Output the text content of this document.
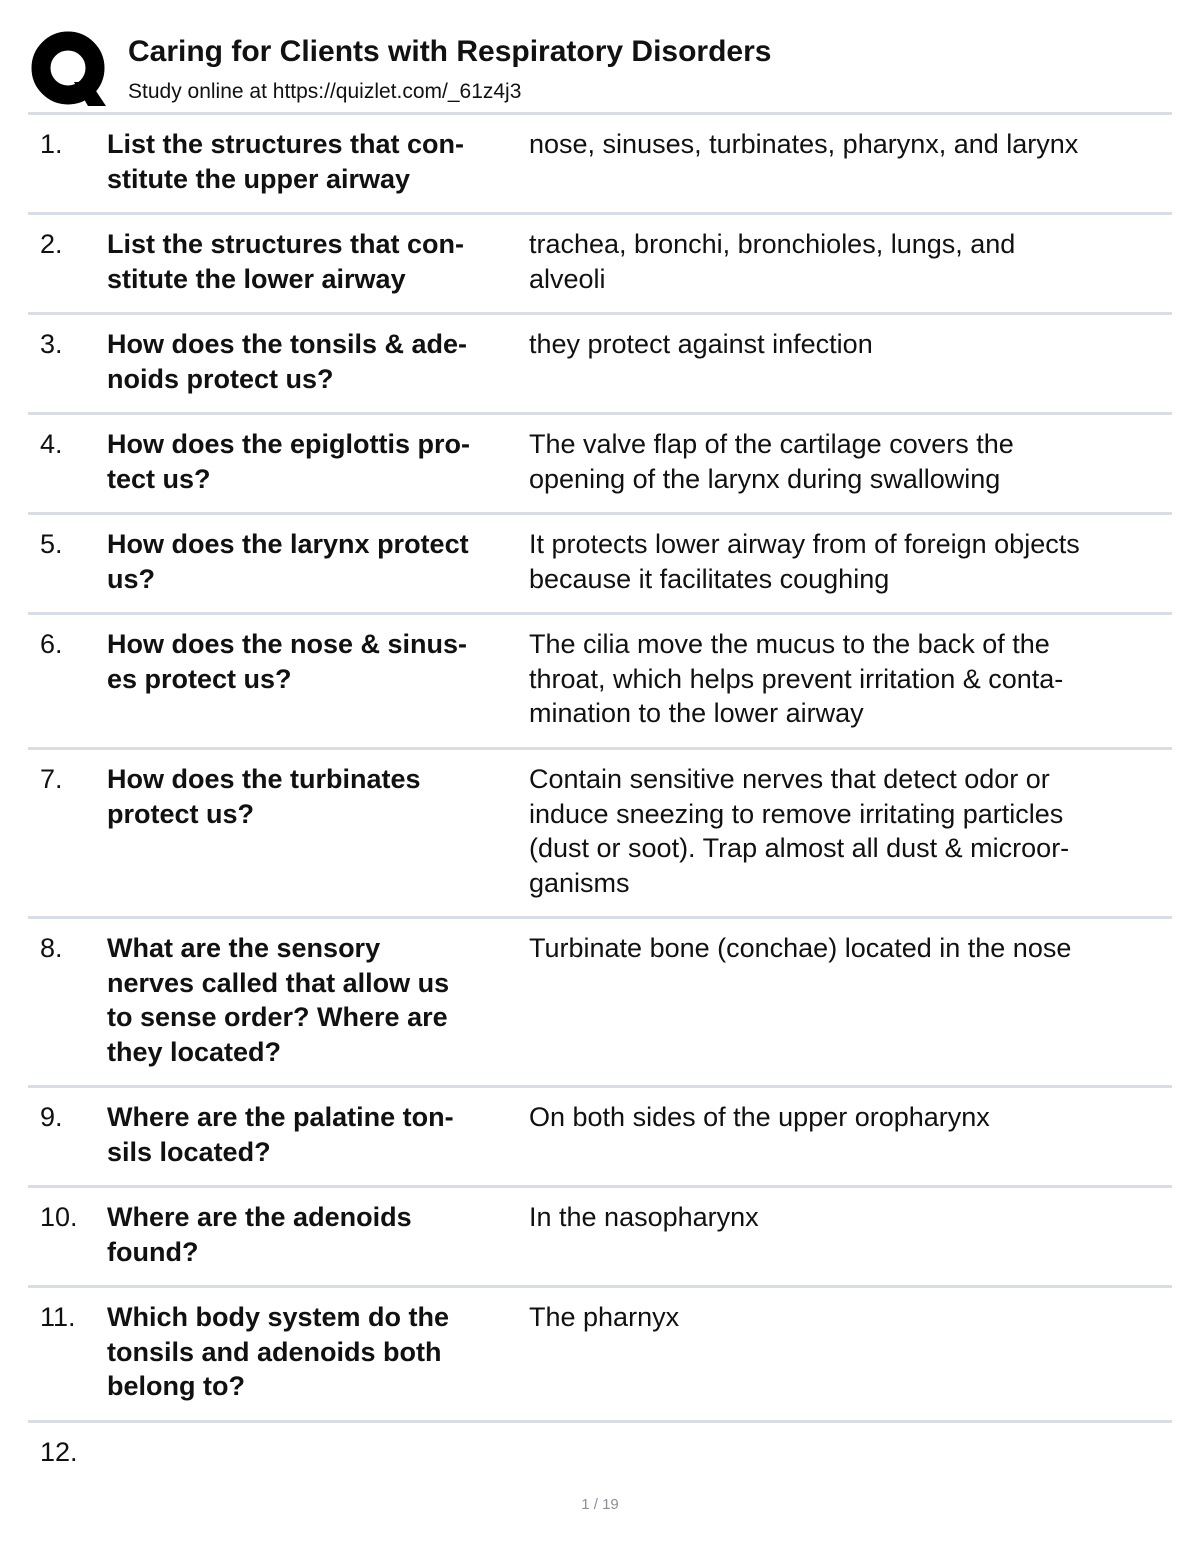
Caring for Clients with Respiratory Disorders
Study online at https://quizlet.com/_61z4j3
1. List the structures that con-
stitute the upper airway
nose, sinuses, turbinates, pharynx, and larynx
2. List the structures that con-
stitute the lower airway
trachea, bronchi, bronchioles, lungs, and
alveoli
3. How does the tonsils & ade-
noids protect us?
they protect against infection
4. How does the epiglottis pro-
tect us?
The valve flap of the cartilage covers the
opening of the larynx during swallowing
5. How does the larynx protect
us?
It protects lower airway from of foreign objects
because it facilitates coughing
6. How does the nose & sinus-
es protect us?
The cilia move the mucus to the back of the
throat, which helps prevent irritation & conta-
mination to the lower airway
7. How does the turbinates
protect us?
Contain sensitive nerves that detect odor or
induce sneezing to remove irritating particles
(dust or soot). Trap almost all dust & microor-
ganisms
8. What are the sensory
nerves called that allow us
to sense order? Where are
they located?
Turbinate bone (conchae) located in the nose
9. Where are the palatine ton-
sils located?
On both sides of the upper oropharynx
10. Where are the adenoids
found?
In the nasopharynx
11. Which body system do the
tonsils and adenoids both
belong to?
The pharnyx
12.
1 / 19
